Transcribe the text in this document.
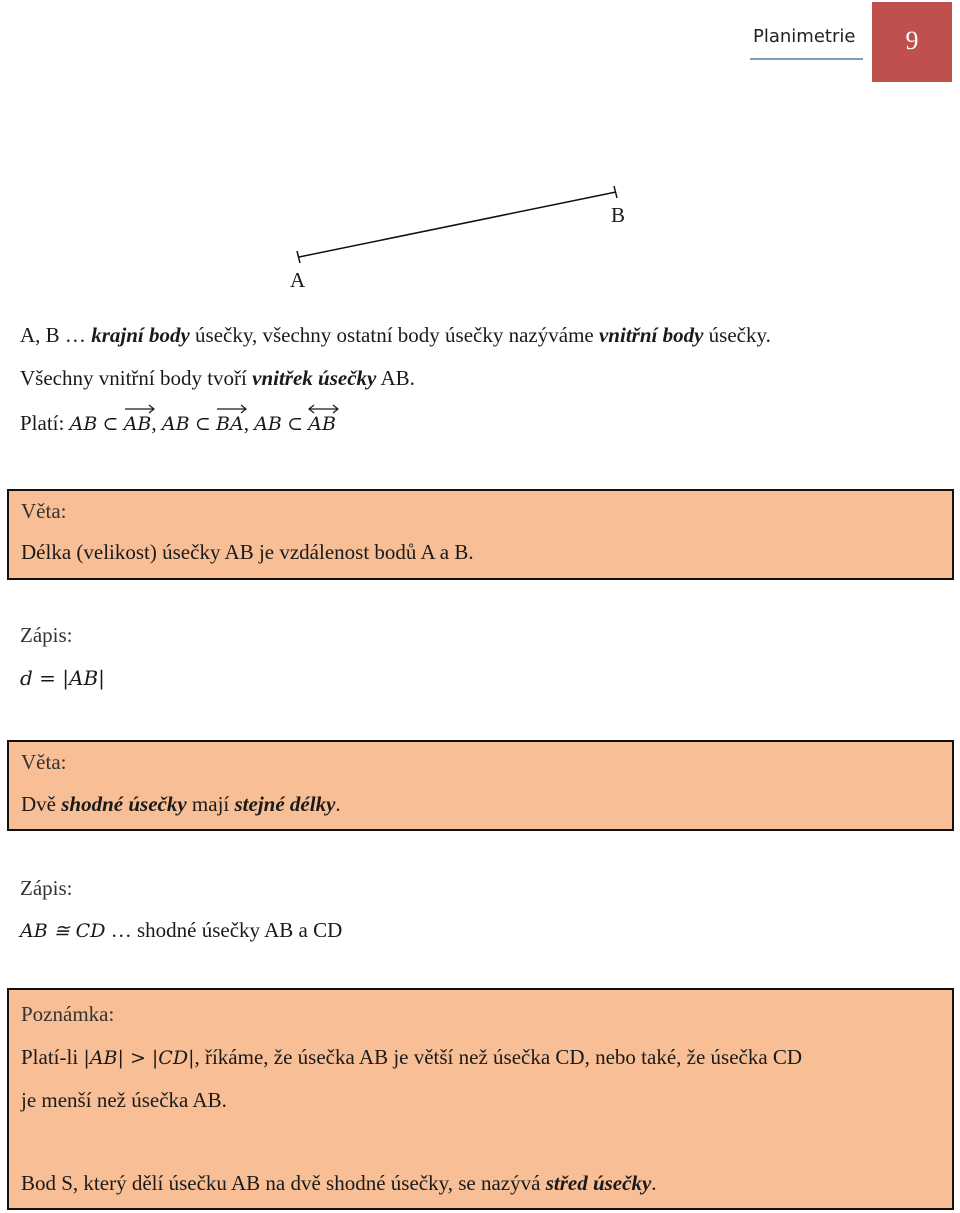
Planimetrie	9
A
B
A, B … krajní body úsečky, všechny ostatní body úsečky nazýváme vnitřní body úsečky.
Všechny vnitřní body tvoří vnitřek úsečky AB.
Platí: AB ⊂ AB, AB ⊂ BA, AB ⊂ AB
Věta:
Délka (velikost) úsečky AB je vzdálenost bodů A a B.
Zápis:
d = |AB|
Věta:
Dvě shodné úsečky mají stejné délky.
Zápis:
AB ≅ CD … shodné úsečky AB a CD
Poznámka:
Platí-li |AB| > |CD|, říkáme, že úsečka AB je větší než úsečka CD, nebo také, že úsečka CD
je menší než úsečka AB.
Bod S, který dělí úsečku AB na dvě shodné úsečky, se nazývá střed úsečky.
